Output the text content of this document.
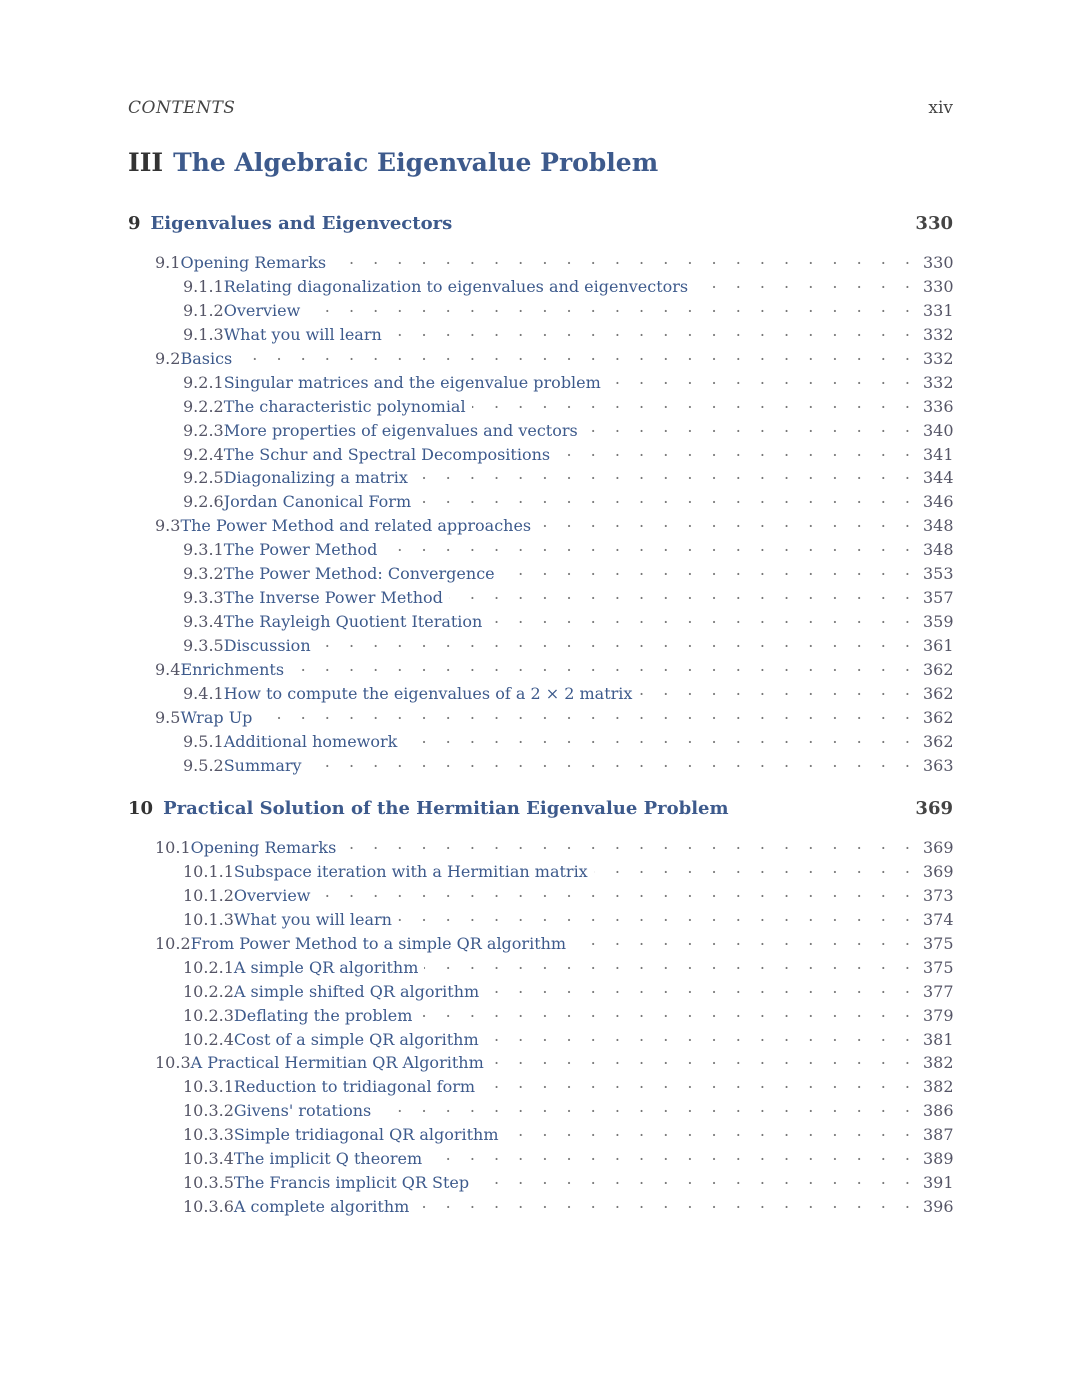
CONTENTS	xiv
III The Algebraic Eigenvalue Problem
9 Eigenvalues and Eigenvectors	330
9.1 Opening Remarks . . .	330
9.1.1 Relating diagonalization to eigenvalues and eigenvectors . . .	330
9.1.2 Overview . . .	331
9.1.3 What you will learn . . .	332
9.2 Basics . . .	332
9.2.1 Singular matrices and the eigenvalue problem . . .	332
9.2.2 The characteristic polynomial . . .	336
9.2.3 More properties of eigenvalues and vectors . . .	340
9.2.4 The Schur and Spectral Decompositions . . .	341
9.2.5 Diagonalizing a matrix . . .	344
9.2.6 Jordan Canonical Form . . .	346
9.3 The Power Method and related approaches . . .	348
9.3.1 The Power Method . . .	348
9.3.2 The Power Method: Convergence . . .	353
9.3.3 The Inverse Power Method . . .	357
9.3.4 The Rayleigh Quotient Iteration . . .	359
9.3.5 Discussion . . .	361
9.4 Enrichments . . .	362
9.4.1 How to compute the eigenvalues of a 2 × 2 matrix . . .	362
9.5 Wrap Up . . .	362
9.5.1 Additional homework . . .	362
9.5.2 Summary . . .	363
10 Practical Solution of the Hermitian Eigenvalue Problem	369
10.1 Opening Remarks . . .	369
10.1.1 Subspace iteration with a Hermitian matrix . . .	369
10.1.2 Overview . . .	373
10.1.3 What you will learn . . .	374
10.2 From Power Method to a simple QR algorithm . . .	375
10.2.1 A simple QR algorithm . . .	375
10.2.2 A simple shifted QR algorithm . . .	377
10.2.3 Deflating the problem . . .	379
10.2.4 Cost of a simple QR algorithm . . .	381
10.3 A Practical Hermitian QR Algorithm . . .	382
10.3.1 Reduction to tridiagonal form . . .	382
10.3.2 Givens' rotations . . .	386
10.3.3 Simple tridiagonal QR algorithm . . .	387
10.3.4 The implicit Q theorem . . .	389
10.3.5 The Francis implicit QR Step . . .	391
10.3.6 A complete algorithm . . .	396
